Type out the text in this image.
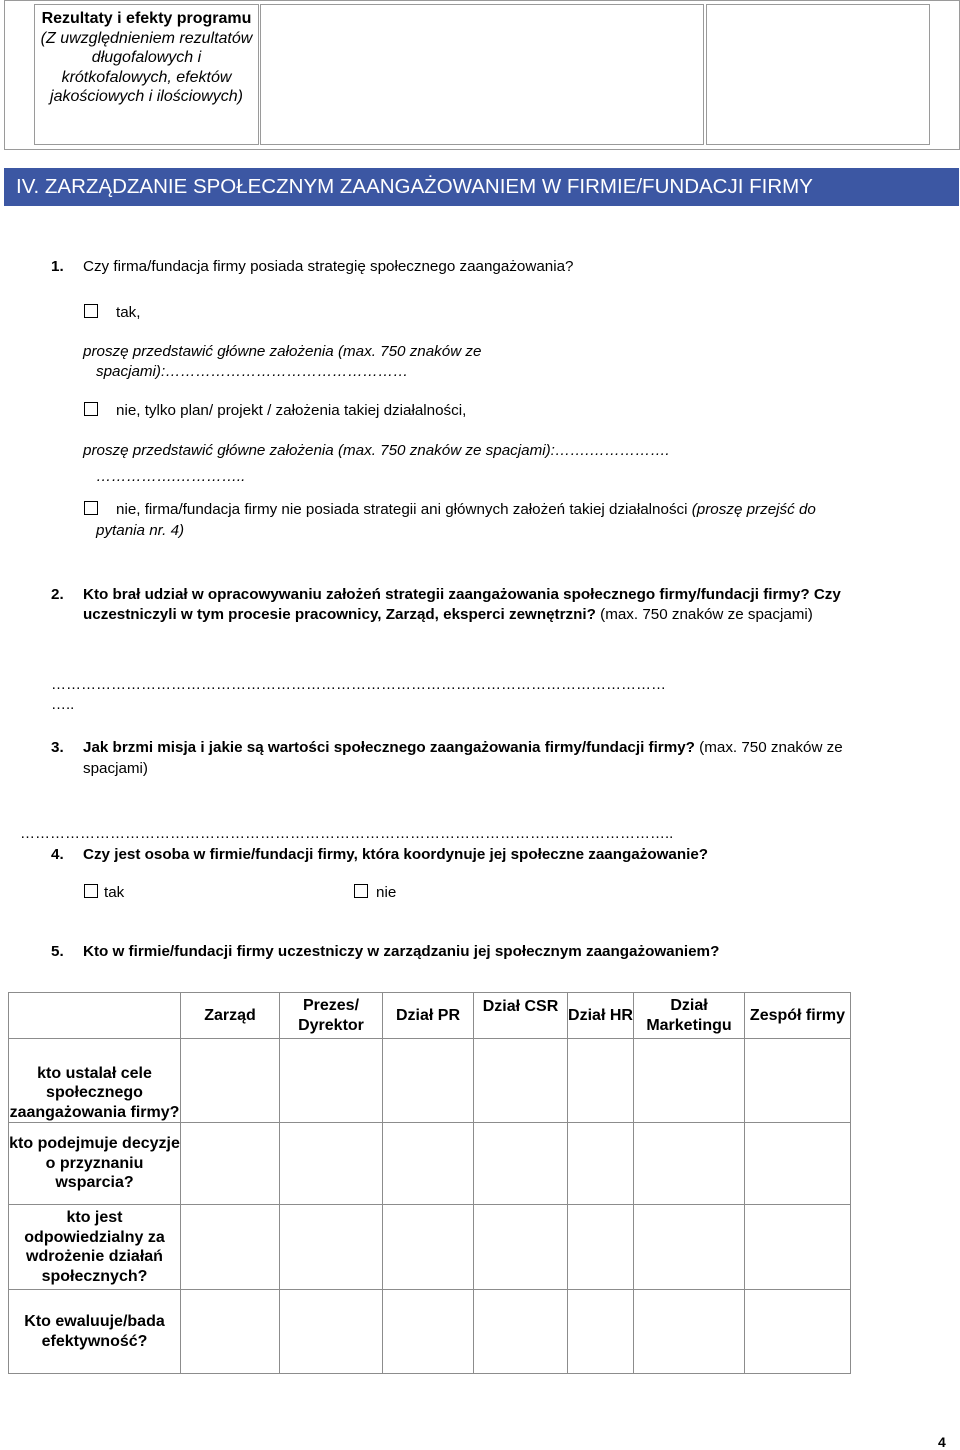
Rezultaty i efekty programu (Z uwzględnieniem rezultatów długofalowych i krótkofalowych, efektów jakościowych i ilościowych)
IV. ZARZĄDZANIE SPOŁECZNYM ZAANGAŻOWANIEM W FIRMIE/FUNDACJI FIRMY
1. Czy firma/fundacja firmy posiada strategię społecznego zaangażowania?
tak,
proszę przedstawić główne założenia (max. 750 znaków ze
spacjami):…………………………………………
nie, tylko plan/ projekt / założenia takiej działalności,
proszę przedstawić główne założenia (max. 750 znaków ze spacjami):…….…………….
…………….…………..
nie, firma/fundacja firmy nie posiada strategii ani głównych założeń takiej działalności (proszę przejść do
pytania nr. 4)
2. Kto brał udział w opracowywaniu założeń strategii zaangażowania społecznego firmy/fundacji firmy? Czy
uczestniczyli w tym procesie pracownicy, Zarząd, eksperci zewnętrzni? (max. 750 znaków ze spacjami)
……………………………………………………………………………………………………………
…..
3. Jak brzmi misja i jakie są wartości społecznego zaangażowania firmy/fundacji firmy? (max. 750 znaków ze
spacjami)
…………………………………………………………………………………………………………………..
4. Czy jest osoba w firmie/fundacji firmy, która koordynuje jej społeczne zaangażowanie?
tak	nie
5. Kto w firmie/fundacji firmy uczestniczy w zarządzaniu jej społecznym zaangażowaniem?
	Zarząd	Prezes/ Dyrektor	Dział PR	Dział CSR	Dział HR	Dział Marketingu	Zespół firmy
kto ustalał cele społecznego zaangażowania firmy?							
kto podejmuje decyzje o przyznaniu wsparcia?							
kto jest odpowiedzialny za wdrożenie działań społecznych?							
Kto ewaluuje/bada efektywność?							
4
